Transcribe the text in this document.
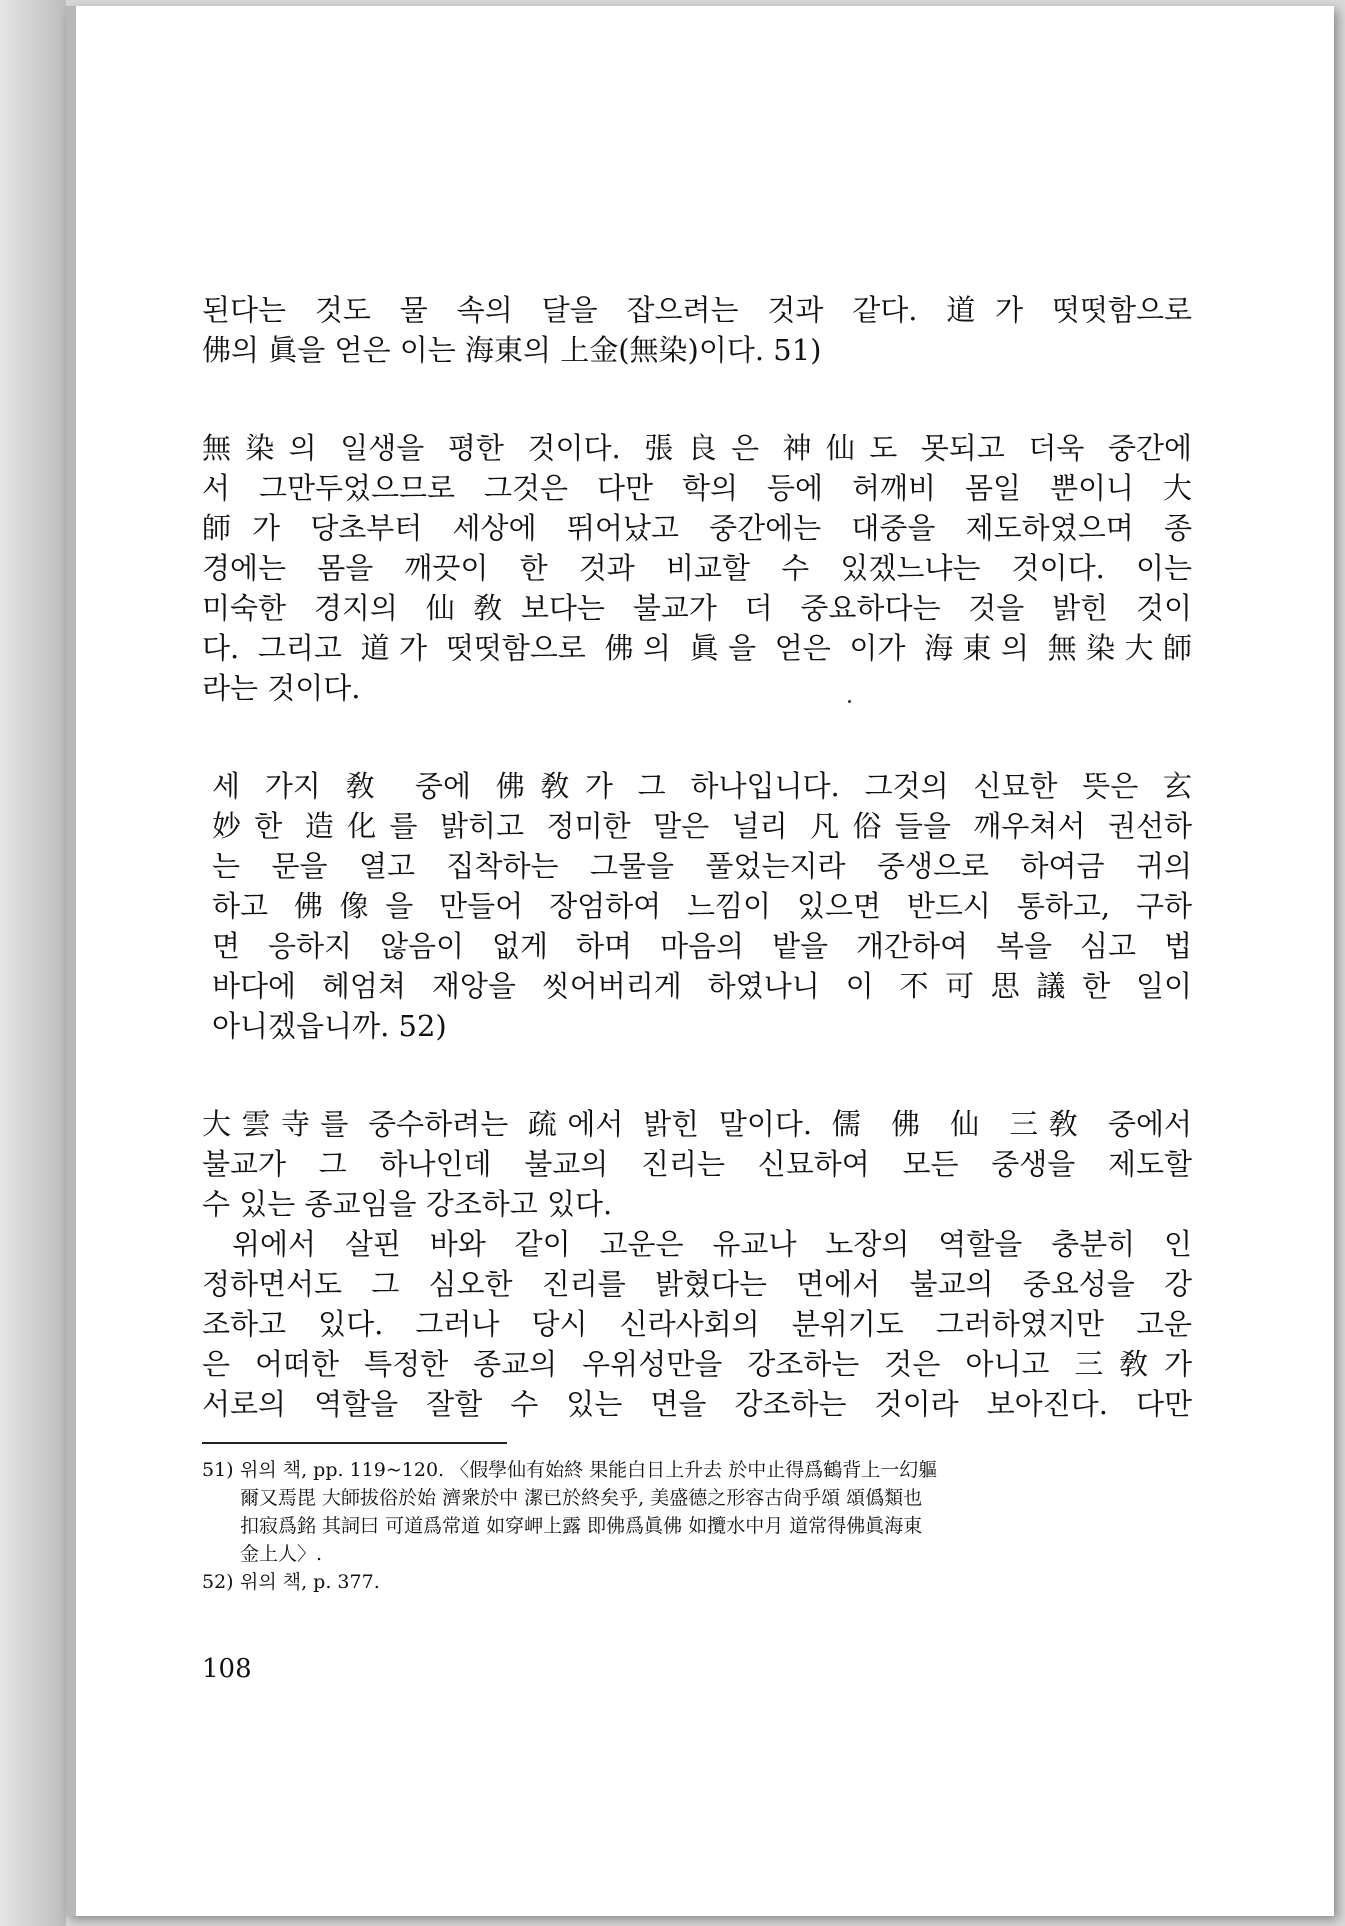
된다는 것도 물 속의 달을 잡으려는 것과 같다. 道가 떳떳함으로
佛의 眞을 얻은 이는 海東의 上金(無染)이다. 51)
無染의 일생을 평한 것이다. 張良은 神仙도 못되고 더욱 중간에
서 그만두었으므로 그것은 다만 학의 등에 허깨비 몸일 뿐이니 大
師가 당초부터 세상에 뛰어났고 중간에는 대중을 제도하였으며 종
경에는 몸을 깨끗이 한 것과 비교할 수 있겠느냐는 것이다. 이는
미숙한 경지의 仙敎보다는 불교가 더 중요하다는 것을 밝힌 것이
다. 그리고 道가 떳떳함으로 佛의 眞을 얻은 이가 海東의 無染大師
라는 것이다.
세 가지 敎 중에 佛敎가 그 하나입니다. 그것의 신묘한 뜻은 玄
妙한 造化를 밝히고 정미한 말은 널리 凡俗들을 깨우쳐서 권선하
는 문을 열고 집착하는 그물을 풀었는지라 중생으로 하여금 귀의
하고 佛像을 만들어 장엄하여 느낌이 있으면 반드시 통하고, 구하
면 응하지 않음이 없게 하며 마음의 밭을 개간하여 복을 심고 법
바다에 헤엄쳐 재앙을 씻어버리게 하였나니 이 不可思議한 일이
아니겠읍니까. 52)
大雲寺를 중수하려는 疏에서 밝힌 말이다. 儒 佛 仙 三敎 중에서
불교가 그 하나인데 불교의 진리는 신묘하여 모든 중생을 제도할
수 있는 종교임을 강조하고 있다.
위에서 살핀 바와 같이 고운은 유교나 노장의 역할을 충분히 인
정하면서도 그 심오한 진리를 밝혔다는 면에서 불교의 중요성을 강
조하고 있다. 그러나 당시 신라사회의 분위기도 그러하였지만 고운
은 어떠한 특정한 종교의 우위성만을 강조하는 것은 아니고 三敎가
서로의 역할을 잘할 수 있는 면을 강조하는 것이라 보아진다. 다만
51) 위의 책, pp. 119~120. 〈假學仙有始終 果能白日上升去 於中止得爲鶴背上一幻軀
爾又焉毘 大師拔俗於始 濟衆於中 潔已於終矣乎, 美盛德之形容古尙乎頌 頌僞類也
扣寂爲銘 其詞曰 可道爲常道 如穿岬上露 即佛爲眞佛 如攬水中月 道常得佛眞海東
金上人〉.
52) 위의 책, p. 377.
108
